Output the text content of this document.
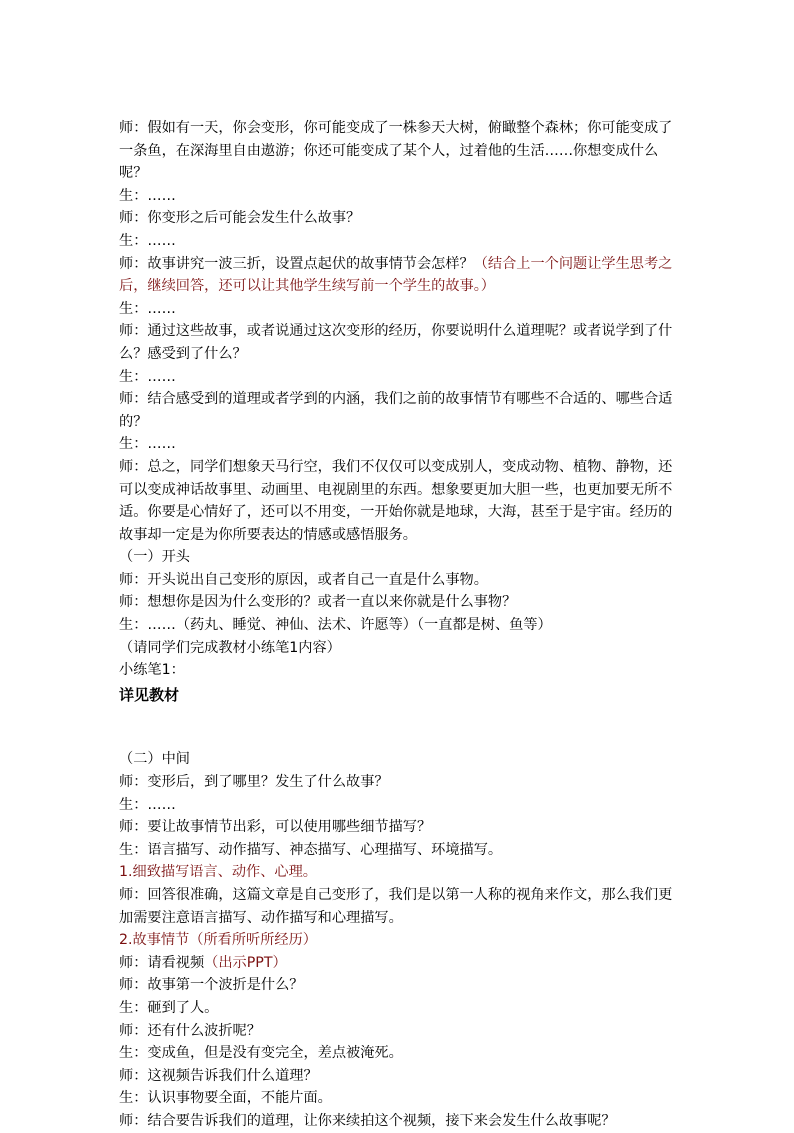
师：假如有一天，你会变形，你可能变成了一株参天大树，俯瞰整个森林；你可能变成了一条鱼，在深海里自由遨游；你还可能变成了某个人，过着他的生活……你想变成什么呢？

生：……

师：你变形之后可能会发生什么故事？

生：……

师：故事讲究一波三折，设置点起伏的故事情节会怎样？（结合上一个问题让学生思考之后，继续回答，还可以让其他学生续写前一个学生的故事。）

生：……

师：通过这些故事，或者说通过这次变形的经历，你要说明什么道理呢？或者说学到了什么？感受到了什么？

生：……

师：结合感受到的道理或者学到的内涵，我们之前的故事情节有哪些不合适的、哪些合适的？

生：……

师：总之，同学们想象天马行空，我们不仅仅可以变成别人，变成动物、植物、静物，还可以变成神话故事里、动画里、电视剧里的东西。想象要更加大胆一些，也更加要无所不适。你要是心情好了，还可以不用变，一开始你就是地球，大海，甚至于是宇宙。经历的故事却一定是为你所要表达的情感或感悟服务。

（一）开头

师：开头说出自己变形的原因，或者自己一直是什么事物。

师：想想你是因为什么变形的？或者一直以来你就是什么事物？

生：……（药丸、睡觉、神仙、法术、许愿等）（一直都是树、鱼等）

（请同学们完成教材小练笔1内容）

小练笔1：

详见教材

（二）中间

师：变形后，到了哪里？发生了什么故事？

生：……

师：要让故事情节出彩，可以使用哪些细节描写？

生：语言描写、动作描写、神态描写、心理描写、环境描写。

1.细致描写语言、动作、心理。

师：回答很准确，这篇文章是自己变形了，我们是以第一人称的视角来作文，那么我们更加需要注意语言描写、动作描写和心理描写。

2.故事情节（所看所听所经历）

师：请看视频（出示PPT）

师：故事第一个波折是什么？

生：砸到了人。

师：还有什么波折呢？

生：变成鱼，但是没有变完全，差点被淹死。

师：这视频告诉我们什么道理？

生：认识事物要全面，不能片面。

师：结合要告诉我们的道理，让你来续拍这个视频，接下来会发生什么故事呢？
